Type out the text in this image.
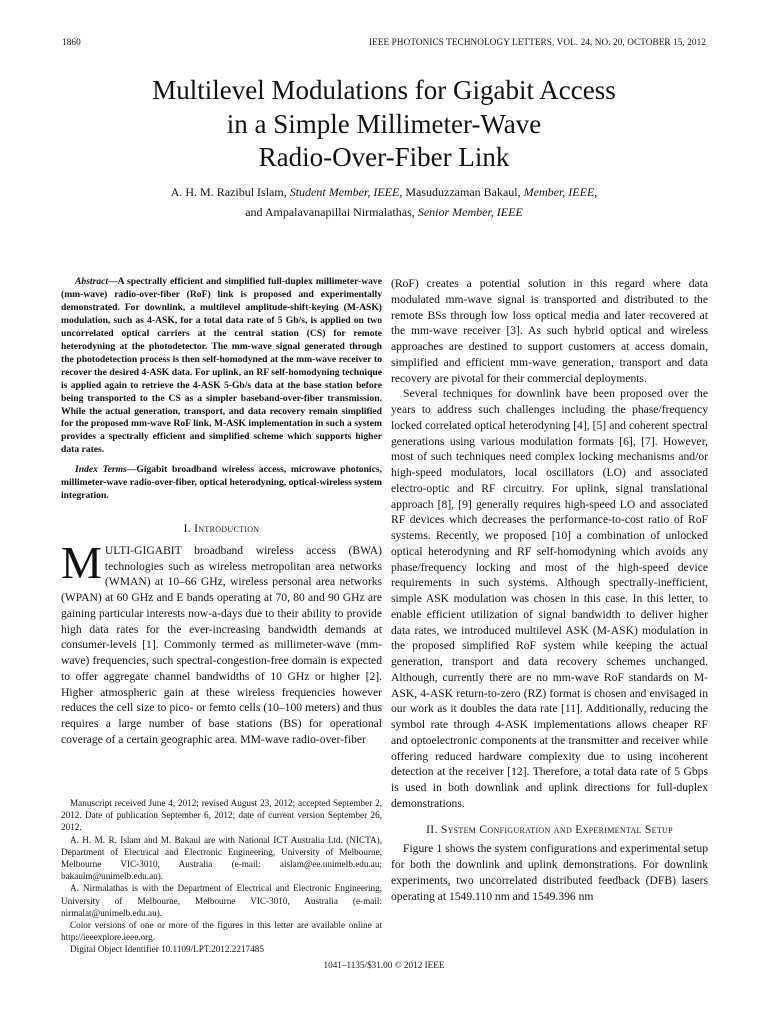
1860	IEEE PHOTONICS TECHNOLOGY LETTERS, VOL. 24, NO. 20, OCTOBER 15, 2012
Multilevel Modulations for Gigabit Access
in a Simple Millimeter-Wave
Radio-Over-Fiber Link
A. H. M. Razibul Islam, Student Member, IEEE, Masuduzzaman Bakaul, Member, IEEE,
and Ampalavanapillai Nirmalathas, Senior Member, IEEE

Abstract—A spectrally efficient and simplified full-duplex millimeter-wave (mm-wave) radio-over-fiber (RoF) link is proposed and experimentally demonstrated. For downlink, a multilevel amplitude-shift-keying (M-ASK) modulation, such as 4-ASK, for a total data rate of 5 Gb/s, is applied on two uncorrelated optical carriers at the central station (CS) for remote heterodyning at the photodetector. The mm-wave signal generated through the photodetection process is then self-homodyned at the mm-wave receiver to recover the desired 4-ASK data. For uplink, an RF self-homodyning technique is applied again to retrieve the 4-ASK 5-Gb/s data at the base station before being transported to the CS as a simpler baseband-over-fiber transmission. While the actual generation, transport, and data recovery remain simplified for the proposed mm-wave RoF link, M-ASK implementation in such a system provides a spectrally efficient and simplified scheme which supports higher data rates.

Index Terms—Gigabit broadband wireless access, microwave photonics, millimeter-wave radio-over-fiber, optical heterodyning, optical-wireless system integration.

I. Introduction

MULTI-GIGABIT broadband wireless access (BWA) technologies such as wireless metropolitan area networks (WMAN) at 10–66 GHz, wireless personal area networks (WPAN) at 60 GHz and E bands operating at 70, 80 and 90 GHz are gaining particular interests now-a-days due to their ability to provide high data rates for the ever-increasing bandwidth demands at consumer-levels [1]. Commonly termed as millimeter-wave (mm-wave) frequencies, such spectral-congestion-free domain is expected to offer aggregate channel bandwidths of 10 GHz or higher [2]. Higher atmospheric gain at these wireless frequencies however reduces the cell size to pico- or femto cells (10–100 meters) and thus requires a large number of base stations (BS) for operational coverage of a certain geographic area. MM-wave radio-over-fiber

Manuscript received June 4, 2012; revised August 23, 2012; accepted September 2, 2012. Date of publication September 6, 2012; date of current version September 26, 2012.

A. H. M. R. Islam and M. Bakaul are with National ICT Australia Ltd. (NICTA), Department of Electrical and Electronic Engineering, University of Melbourne, Melbourne VIC-3010, Australia (e-mail: aislam@ee.unimelb.edu.au; bakaulm@unimelb.edu.au).

A. Nirmalathas is with the Department of Electrical and Electronic Engineering, University of Melbourne, Melbourne VIC-3010, Australia (e-mail: nirmalat@unimelb.edu.au).

Color versions of one or more of the figures in this letter are available online at http://ieeexplore.ieee.org.

Digital Object Identifier 10.1109/LPT.2012.2217485

(RoF) creates a potential solution in this regard where data modulated mm-wave signal is transported and distributed to the remote BSs through low loss optical media and later recovered at the mm-wave receiver [3]. As such hybrid optical and wireless approaches are destined to support customers at access domain, simplified and efficient mm-wave generation, transport and data recovery are pivotal for their commercial deployments.

Several techniques for downlink have been proposed over the years to address such challenges including the phase/frequency locked correlated optical heterodyning [4], [5] and coherent spectral generations using various modulation formats [6], [7]. However, most of such techniques need complex locking mechanisms and/or high-speed modulators, local oscillators (LO) and associated electro-optic and RF circuitry. For uplink, signal translational approach [8], [9] generally requires high-speed LO and associated RF devices which decreases the performance-to-cost ratio of RoF systems. Recently, we proposed [10] a combination of unlocked optical heterodyning and RF self-homodyning which avoids any phase/frequency locking and most of the high-speed device requirements in such systems. Although spectrally-inefficient, simple ASK modulation was chosen in this case. In this letter, to enable efficient utilization of signal bandwidth to deliver higher data rates, we introduced multilevel ASK (M-ASK) modulation in the proposed simplified RoF system while keeping the actual generation, transport and data recovery schemes unchanged. Although, currently there are no mm-wave RoF standards on M-ASK, 4-ASK return-to-zero (RZ) format is chosen and envisaged in our work as it doubles the data rate [11]. Additionally, reducing the symbol rate through 4-ASK implementations allows cheaper RF and optoelectronic components at the transmitter and receiver while offering reduced hardware complexity due to using incoherent detection at the receiver [12]. Therefore, a total data rate of 5 Gbps is used in both downlink and uplink directions for full-duplex demonstrations.

II. System Configuration and Experimental Setup

Figure 1 shows the system configurations and experimental setup for both the downlink and uplink demonstrations. For downlink experiments, two uncorrelated distributed feedback (DFB) lasers operating at 1549.110 nm and 1549.396 nm

1041–1135/$31.00 © 2012 IEEE
